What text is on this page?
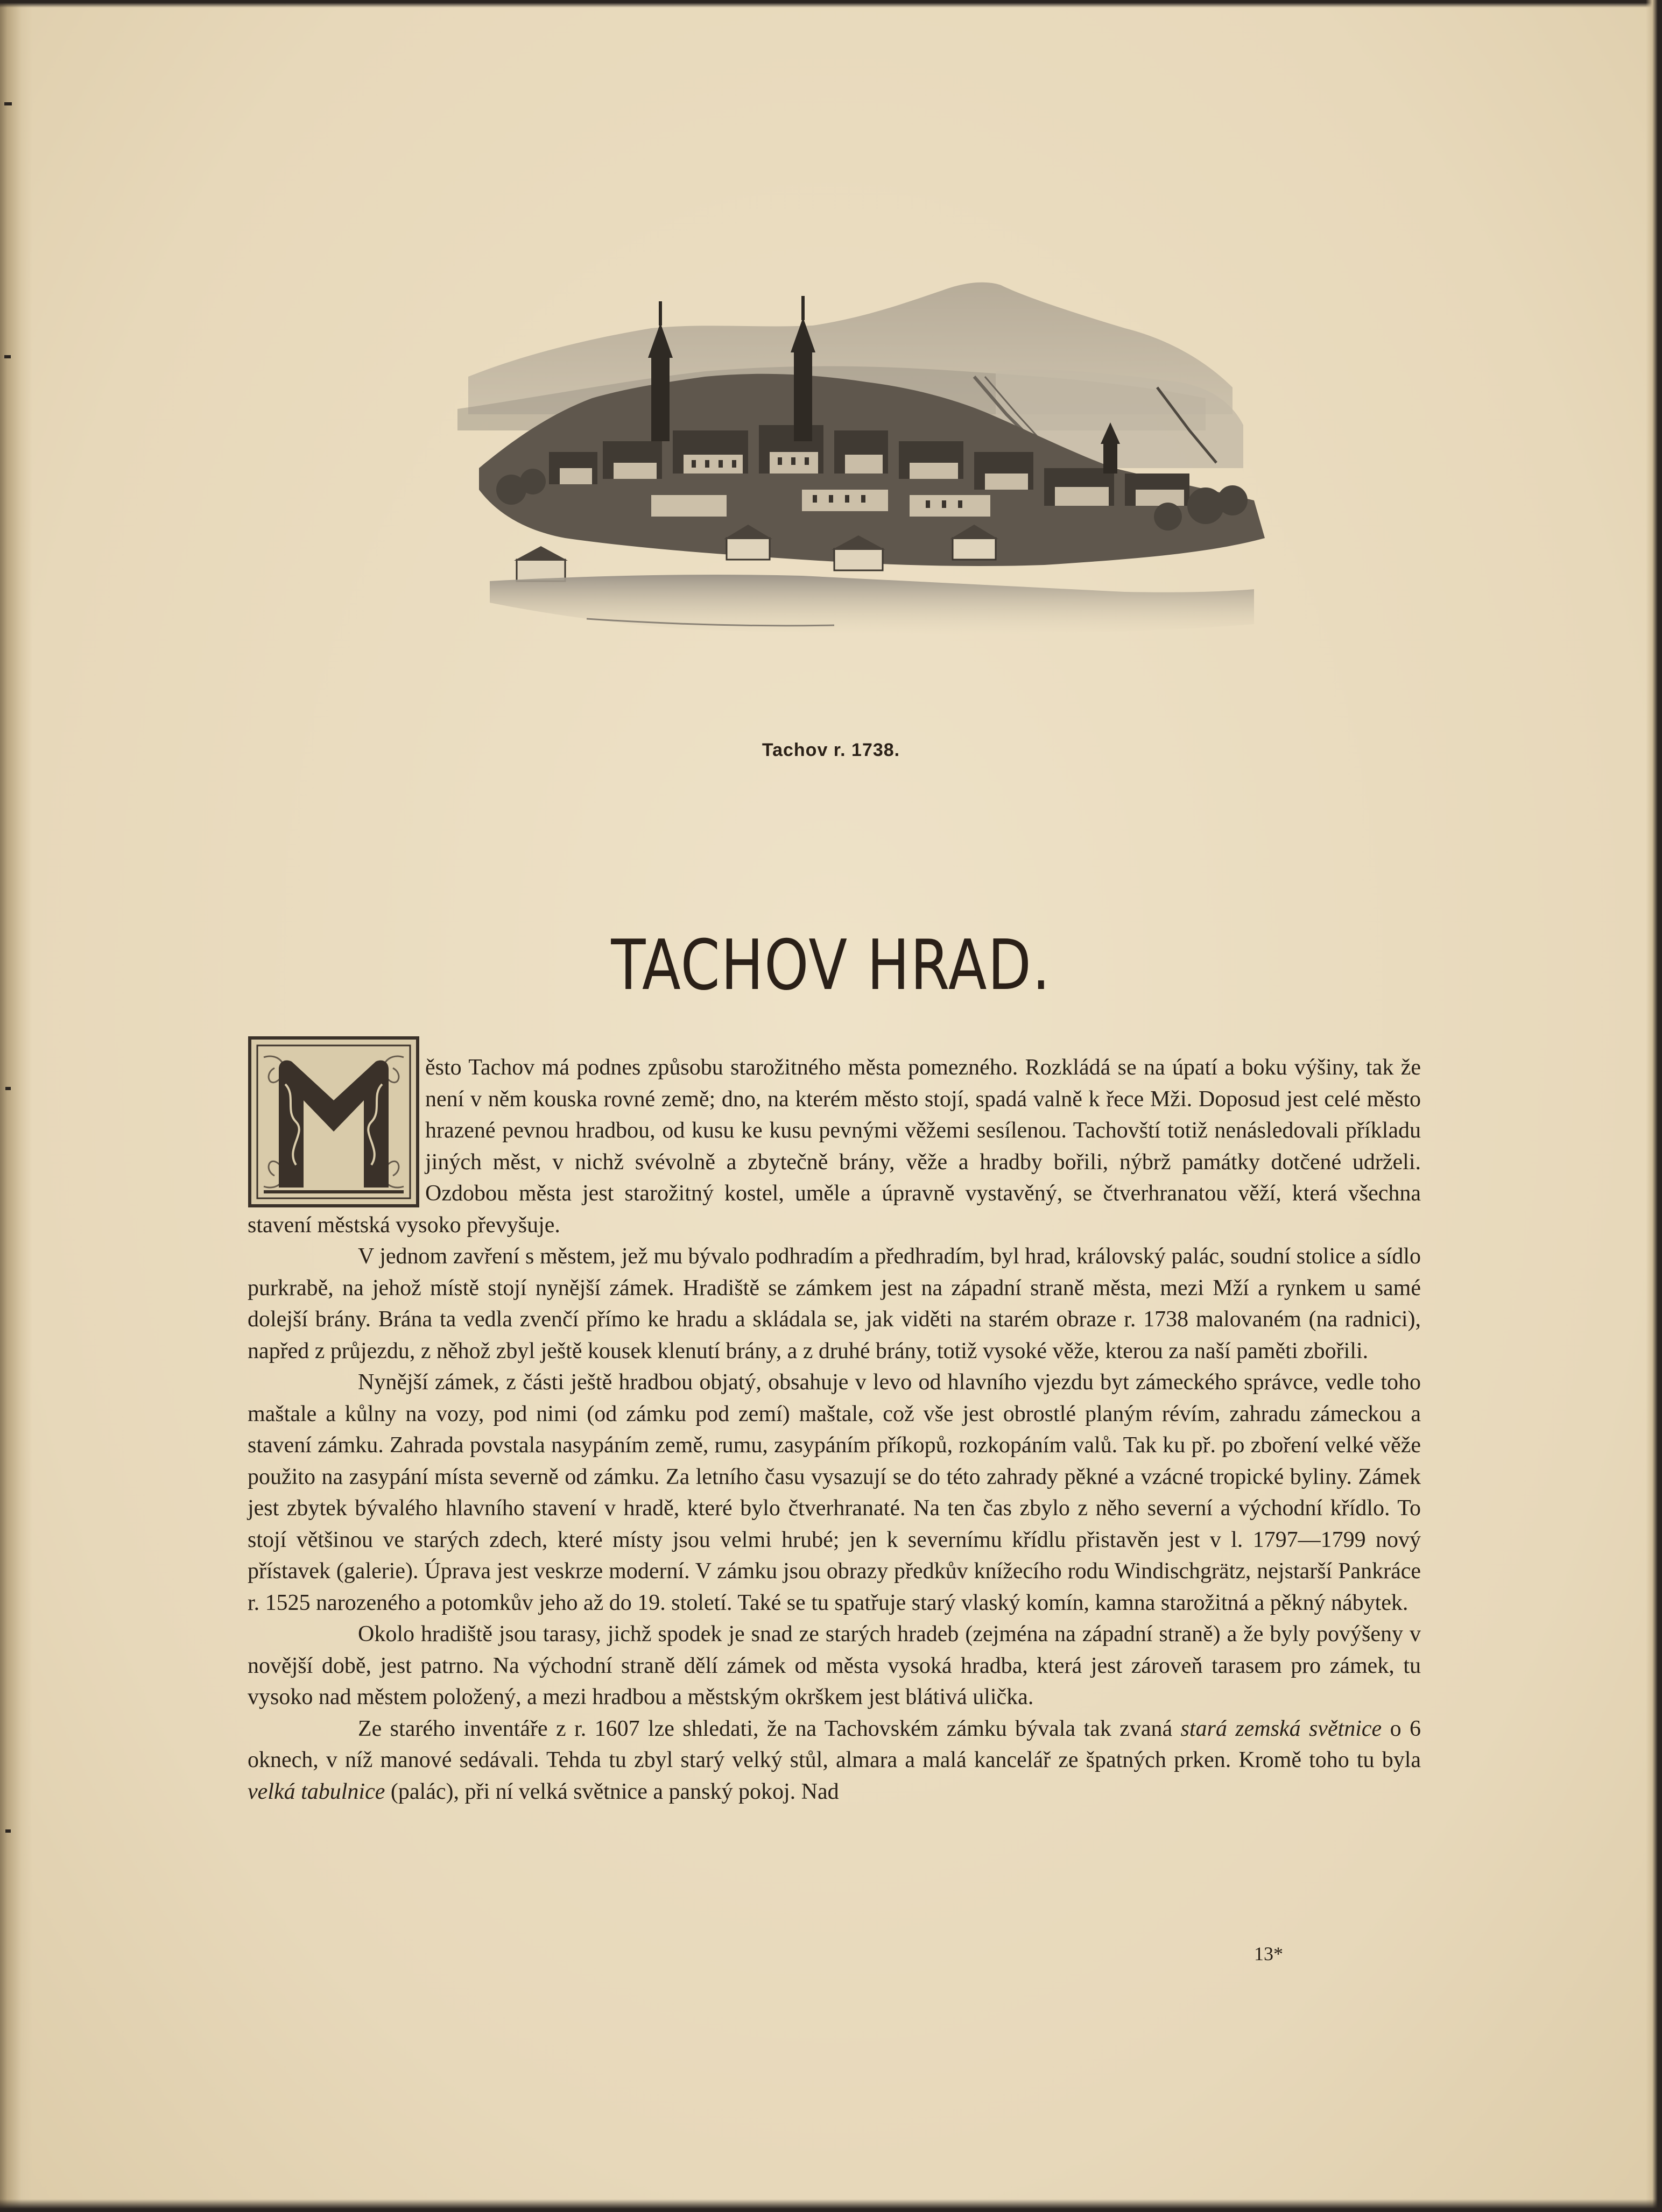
Tachov r. 1738.
TACHOV HRAD.

ěsto Tachov má podnes způsobu starožitného města pomezného. Rozkládá se na úpatí a boku výšiny, tak že není v něm kouska rovné země; dno, na kterém město stojí, spadá valně k řece Mži. Doposud jest celé město hrazené pevnou hradbou, od kusu ke kusu pevnými věžemi sesílenou. Tachovští totiž nenásledovali příkladu jiných měst, v nichž svévolně a zbytečně brány, věže a hradby bořili, nýbrž památky dotčené udrželi. Ozdobou města jest starožitný kostel, uměle a úpravně vystavěný, se čtverhranatou věží, která všechna stavení městská vysoko převyšuje.

V jednom zavření s městem, jež mu bývalo podhradím a předhradím, byl hrad, královský palác, soudní stolice a sídlo purkrabě, na jehož místě stojí nynější zámek. Hradiště se zámkem jest na západní straně města, mezi Mží a rynkem u samé dolejší brány. Brána ta vedla zvenčí přímo ke hradu a skládala se, jak viděti na starém obraze r. 1738 malovaném (na radnici), napřed z průjezdu, z něhož zbyl ještě kousek klenutí brány, a z druhé brány, totiž vysoké věže, kterou za naší paměti zbořili.

Nynější zámek, z části ještě hradbou objatý, obsahuje v levo od hlavního vjezdu byt zámeckého správce, vedle toho maštale a kůlny na vozy, pod nimi (od zámku pod zemí) maštale, což vše jest obrostlé planým révím, zahradu zámeckou a stavení zámku. Zahrada povstala nasypáním země, rumu, zasypáním příkopů, rozkopáním valů. Tak ku př. po zboření velké věže použito na zasypání místa severně od zámku. Za letního času vysazují se do této zahrady pěkné a vzácné tropické byliny. Zámek jest zbytek bývalého hlavního stavení v hradě, které bylo čtverhranaté. Na ten čas zbylo z něho severní a východní křídlo. To stojí většinou ve starých zdech, které místy jsou velmi hrubé; jen k severnímu křídlu přistavěn jest v l. 1797—1799 nový přístavek (galerie). Úprava jest veskrze moderní. V zámku jsou obrazy předkův knížecího rodu Windischgrätz, nejstarší Pankráce r. 1525 narozeného a potomkův jeho až do 19. století. Také se tu spatřuje starý vlaský komín, kamna starožitná a pěkný nábytek.

Okolo hradiště jsou tarasy, jichž spodek je snad ze starých hradeb (zejména na západní straně) a že byly povýšeny v novější době, jest patrno. Na východní straně dělí zámek od města vysoká hradba, která jest zároveň tarasem pro zámek, tu vysoko nad městem položený, a mezi hradbou a městským okrškem jest blátivá ulička.

Ze starého inventáře z r. 1607 lze shledati, že na Tachovském zámku bývala tak zvaná stará zemská světnice o 6 oknech, v níž manové sedávali. Tehda tu zbyl starý velký stůl, almara a malá kancelář ze špatných prken. Kromě toho tu byla velká tabulnice (palác), při ní velká světnice a panský pokoj. Nad

13*
